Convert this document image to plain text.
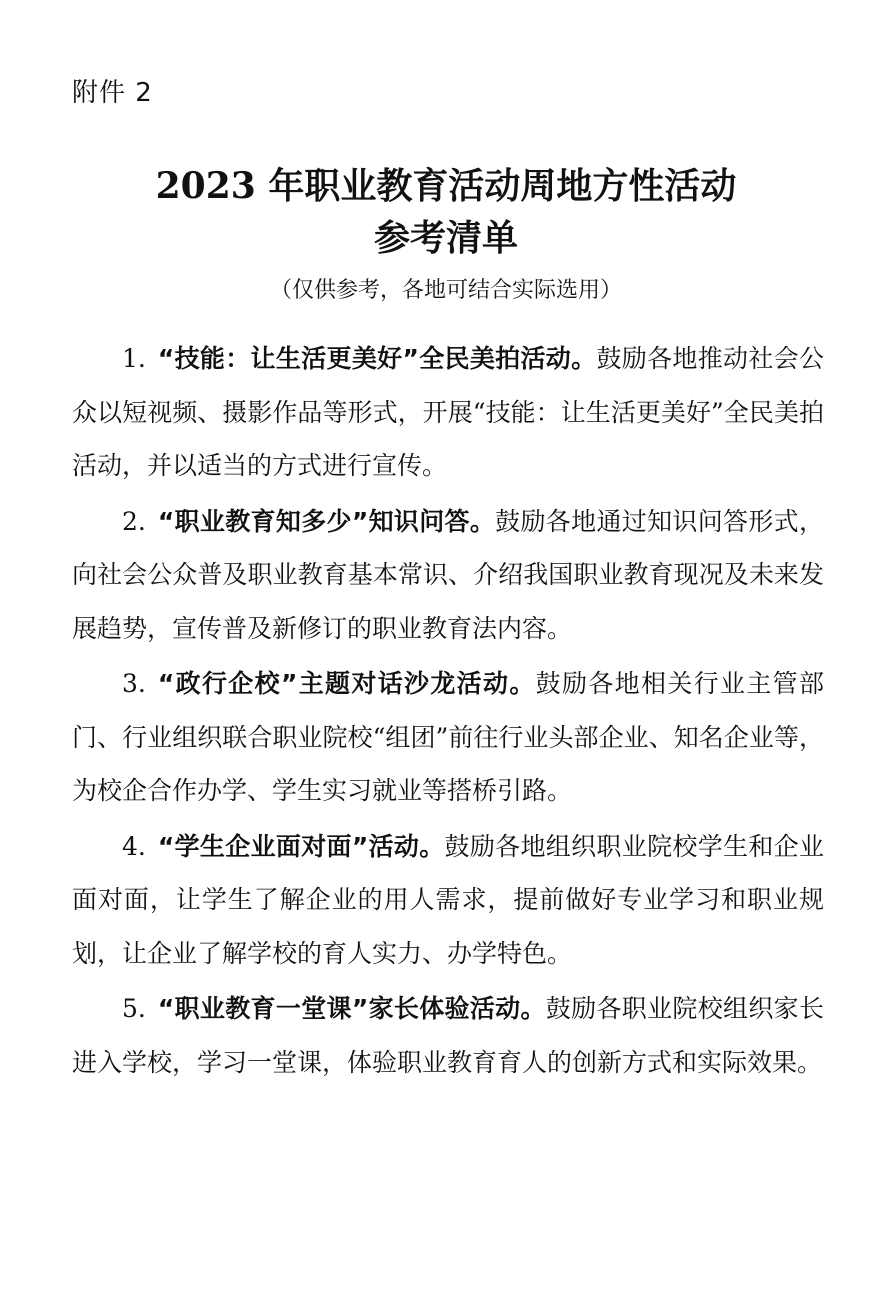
附件 2
2023 年职业教育活动周地方性活动
参考清单
（仅供参考，各地可结合实际选用）

1. “技能：让生活更美好”全民美拍活动。鼓励各地推动社会公众以短视频、摄影作品等形式，开展“技能：让生活更美好”全民美拍活动，并以适当的方式进行宣传。

2. “职业教育知多少”知识问答。鼓励各地通过知识问答形式，向社会公众普及职业教育基本常识、介绍我国职业教育现况及未来发展趋势，宣传普及新修订的职业教育法内容。

3. “政行企校”主题对话沙龙活动。鼓励各地相关行业主管部门、行业组织联合职业院校“组团”前往行业头部企业、知名企业等，为校企合作办学、学生实习就业等搭桥引路。

4. “学生企业面对面”活动。鼓励各地组织职业院校学生和企业面对面，让学生了解企业的用人需求，提前做好专业学习和职业规划，让企业了解学校的育人实力、办学特色。

5. “职业教育一堂课”家长体验活动。鼓励各职业院校组织家长进入学校，学习一堂课，体验职业教育育人的创新方式和实际效果。
